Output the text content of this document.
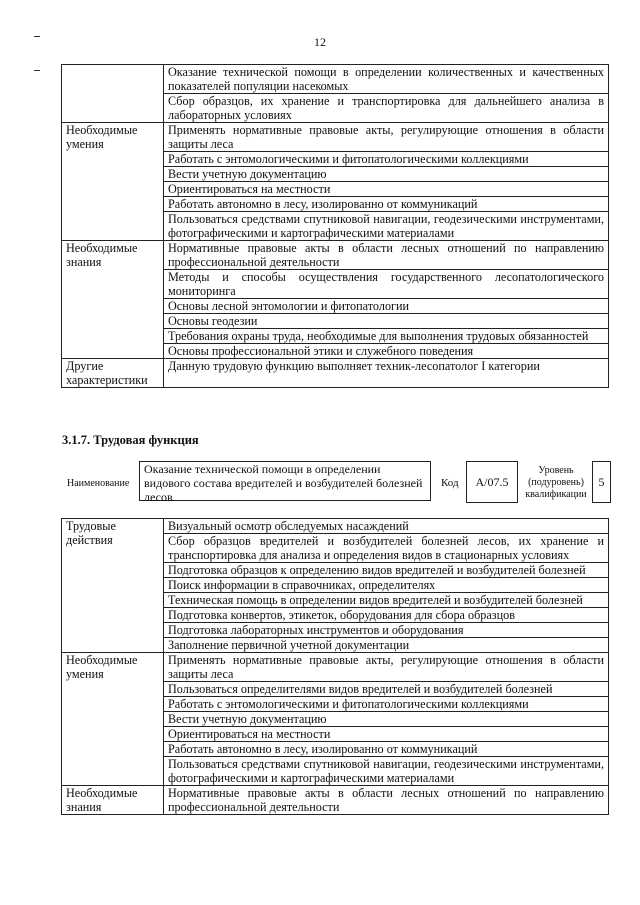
12
	Оказание технической помощи в определении количественных и качественных показателей популяции насекомых
	Сбор образцов, их хранение и транспортировка для дальнейшего анализа в лабораторных условиях
Необходимые умения	Применять нормативные правовые акты, регулирующие отношения в области защиты леса
	Работать с энтомологическими и фитопатологическими коллекциями
	Вести учетную документацию
	Ориентироваться на местности
	Работать автономно в лесу, изолированно от коммуникаций
	Пользоваться средствами спутниковой навигации, геодезическими инструментами, фотографическими и картографическими материалами
Необходимые знания	Нормативные правовые акты в области лесных отношений по направлению профессиональной деятельности
	Методы и способы осуществления государственного лесопатологического мониторинга
	Основы лесной энтомологии и фитопатологии
	Основы геодезии
	Требования охраны труда, необходимые для выполнения трудовых обязанностей
	Основы профессиональной этики и служебного поведения
Другие характеристики	Данную трудовую функцию выполняет техник-лесопатолог I категории
3.1.7. Трудовая функция
Наименование
Оказание технической помощи в определении видового состава вредителей и возбудителей болезней лесов
Код	А/07.5
Уровень
(подуровень)
квалификации
5
Трудовые действия	Визуальный осмотр обследуемых насаждений
	Сбор образцов вредителей и возбудителей болезней лесов, их хранение и транспортировка для анализа и определения видов в стационарных условиях
	Подготовка образцов к определению видов вредителей и возбудителей болезней
	Поиск информации в справочниках, определителях
	Техническая помощь в определении видов вредителей и возбудителей болезней
	Подготовка конвертов, этикеток, оборудования для сбора образцов
	Подготовка лабораторных инструментов и оборудования
	Заполнение первичной учетной документации
Необходимые умения	Применять нормативные правовые акты, регулирующие отношения в области защиты леса
	Пользоваться определителями видов вредителей и возбудителей болезней
	Работать с энтомологическими и фитопатологическими коллекциями
	Вести учетную документацию
	Ориентироваться на местности
	Работать автономно в лесу, изолированно от коммуникаций
	Пользоваться средствами спутниковой навигации, геодезическими инструментами, фотографическими и картографическими материалами
Необходимые знания	Нормативные правовые акты в области лесных отношений по направлению профессиональной деятельности
